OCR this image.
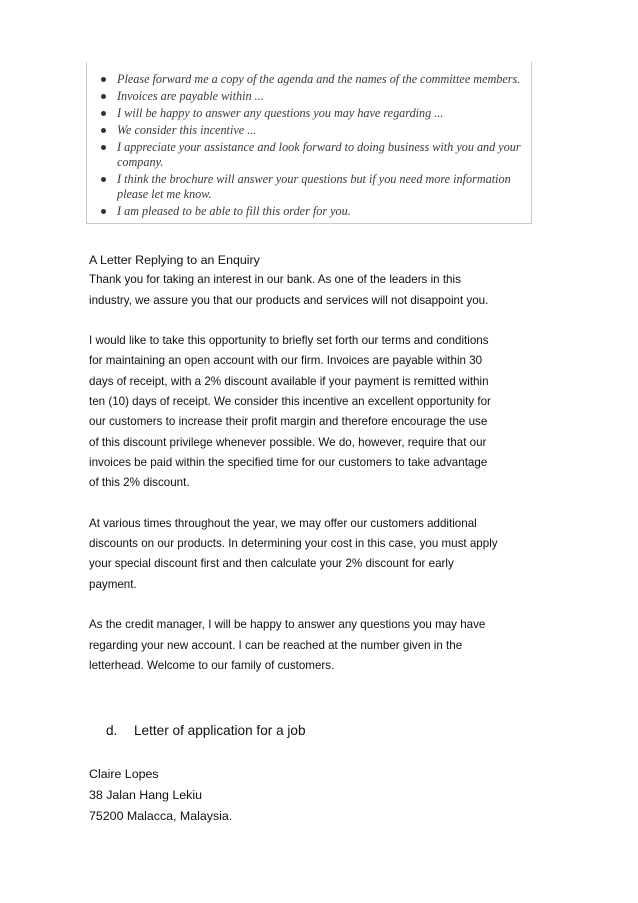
Please forward me a copy of the agenda and the names of the committee members.
Invoices are payable within ...
I will be happy to answer any questions you may have regarding ...
We consider this incentive ...
I appreciate your assistance and look forward to doing business with you and your company.
I think the brochure will answer your questions but if you need more information please let me know.
I am pleased to be able to fill this order for you.

A Letter Replying to an Enquiry

Thank you for taking an interest in our bank. As one of the leaders in this industry, we assure you that our products and services will not disappoint you.

I would like to take this opportunity to briefly set forth our terms and conditions for maintaining an open account with our firm. Invoices are payable within 30 days of receipt, with a 2% discount available if your payment is remitted within ten (10) days of receipt. We consider this incentive an excellent opportunity for our customers to increase their profit margin and therefore encourage the use of this discount privilege whenever possible. We do, however, require that our invoices be paid within the specified time for our customers to take advantage of this 2% discount.

At various times throughout the year, we may offer our customers additional discounts on our products. In determining your cost in this case, you must apply your special discount first and then calculate your 2% discount for early payment.

As the credit manager, I will be happy to answer any questions you may have regarding your new account. I can be reached at the number given in the letterhead. Welcome to our family of customers.

d. Letter of application for a job
Claire Lopes
38 Jalan Hang Lekiu
75200 Malacca, Malaysia.
